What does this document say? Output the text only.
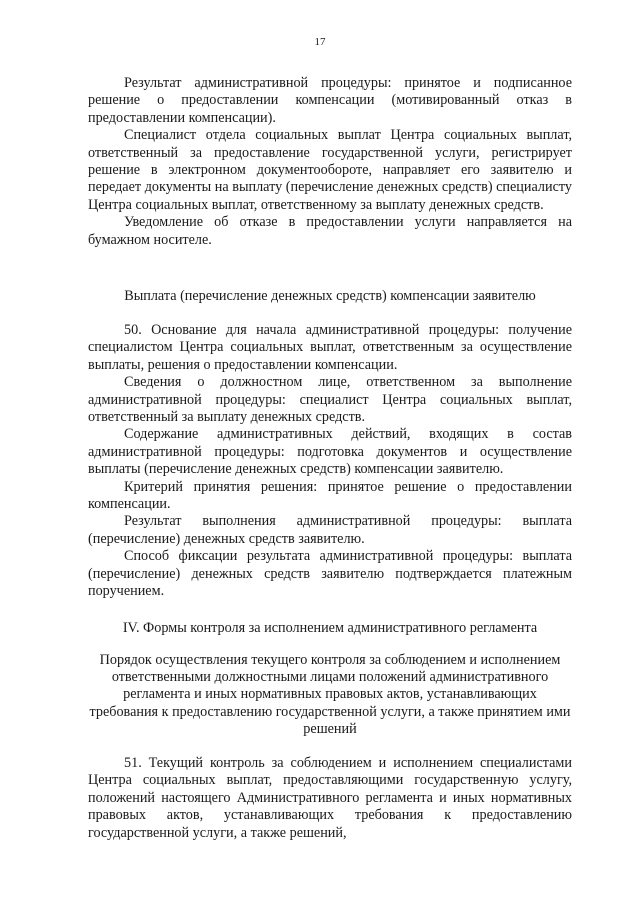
17

Результат административной процедуры: принятое и подписанное решение о предоставлении компенсации (мотивированный отказ в предоставлении компенсации).

Специалист отдела социальных выплат Центра социальных выплат, ответственный за предоставление государственной услуги, регистрирует решение в электронном документообороте, направляет его заявителю и передает документы на выплату (перечисление денежных средств) специалисту Центра социальных выплат, ответственному за выплату денежных средств.

Уведомление об отказе в предоставлении услуги направляется на бумажном носителе.

Выплата (перечисление денежных средств) компенсации заявителю

50. Основание для начала административной процедуры: получение специалистом Центра социальных выплат, ответственным за осуществление выплаты, решения о предоставлении компенсации.

Сведения о должностном лице, ответственном за выполнение административной процедуры: специалист Центра социальных выплат, ответственный за выплату денежных средств.

Содержание административных действий, входящих в состав административной процедуры: подготовка документов и осуществление выплаты (перечисление денежных средств) компенсации заявителю.

Критерий принятия решения: принятое решение о предоставлении компенсации.

Результат выполнения административной процедуры: выплата (перечисление) денежных средств заявителю.

Способ фиксации результата административной процедуры: выплата (перечисление) денежных средств заявителю подтверждается платежным поручением.

IV. Формы контроля за исполнением административного регламента
Порядок осуществления текущего контроля за соблюдением и исполнением ответственными должностными лицами положений административного регламента и иных нормативных правовых актов, устанавливающих требования к предоставлению государственной услуги, а также принятием ими решений

51. Текущий контроль за соблюдением и исполнением специалистами Центра социальных выплат, предоставляющими государственную услугу, положений настоящего Административного регламента и иных нормативных правовых актов, устанавливающих требования к предоставлению государственной услуги, а также решений,
